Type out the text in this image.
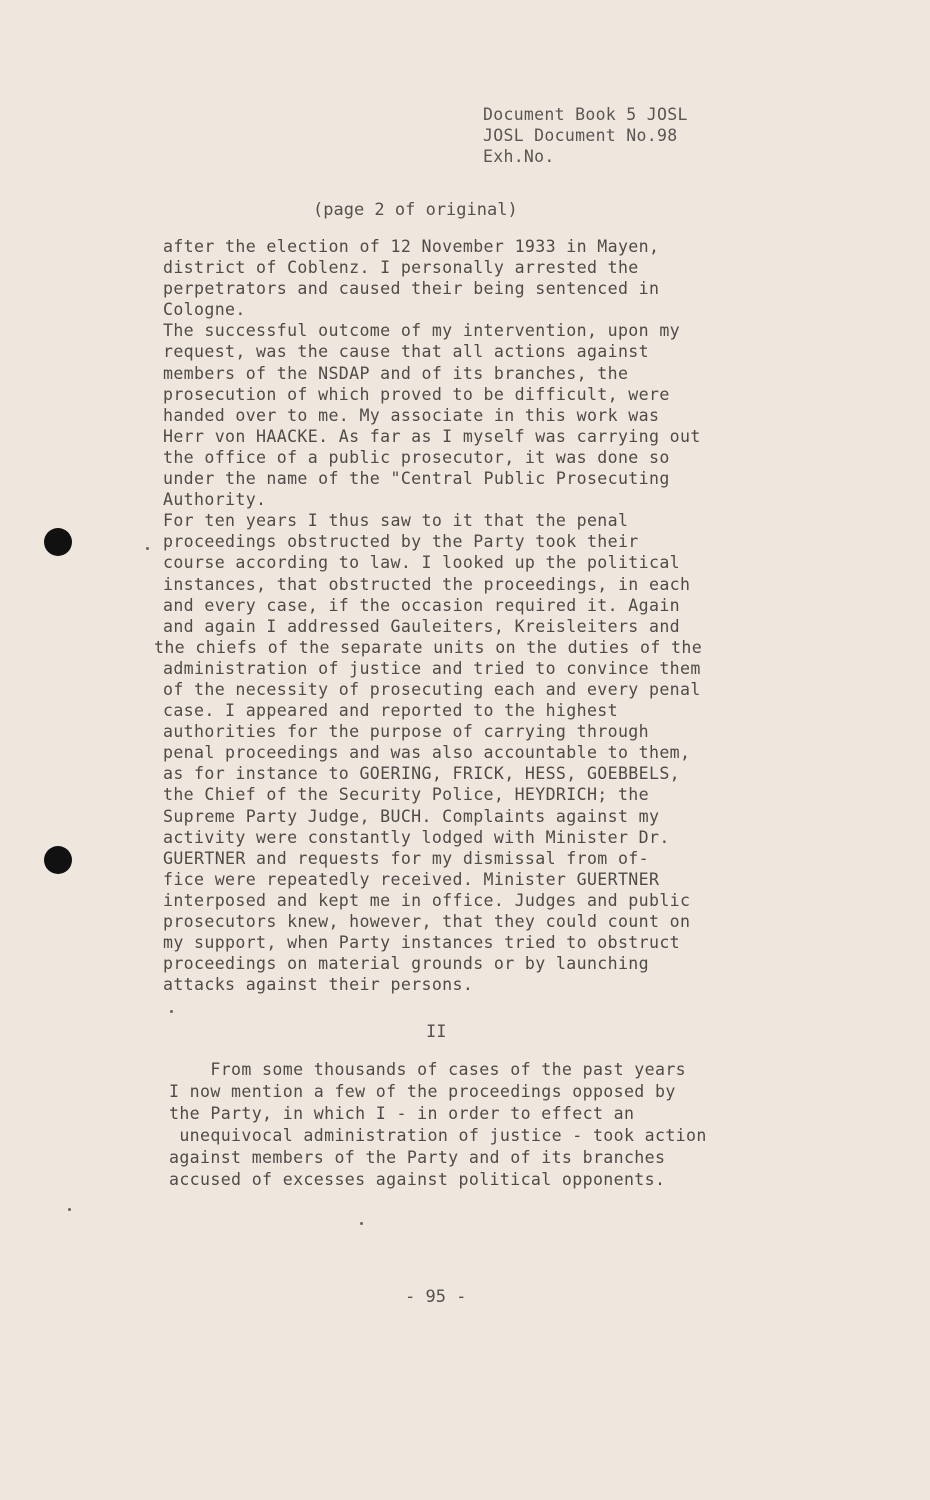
Document Book 5 JOSL
JOSL Document No.98
Exh.No.
(page 2 of original)
after the election of 12 November 1933 in Mayen,
district of Coblenz. I personally arrested the
perpetrators and caused their being sentenced in
Cologne.
The successful outcome of my intervention, upon my
request, was the cause that all actions against
members of the NSDAP and of its branches, the
prosecution of which proved to be difficult, were
handed over to me. My associate in this work was
Herr von HAACKE. As far as I myself was carrying out
the office of a public prosecutor, it was done so
under the name of the "Central Public Prosecuting
Authority.
For ten years I thus saw to it that the penal
proceedings obstructed by the Party took their
course according to law. I looked up the political
instances, that obstructed the proceedings, in each
and every case, if the occasion required it. Again
and again I addressed Gauleiters, Kreisleiters and
the chiefs of the separate units on the duties of the
administration of justice and tried to convince them
of the necessity of prosecuting each and every penal
case. I appeared and reported to the highest
authorities for the purpose of carrying through
penal proceedings and was also accountable to them,
as for instance to GOERING, FRICK, HESS, GOEBBELS,
the Chief of the Security Police, HEYDRICH; the
Supreme Party Judge, BUCH. Complaints against my
activity were constantly lodged with Minister Dr.
GUERTNER and requests for my dismissal from of-
fice were repeatedly received. Minister GUERTNER
interposed and kept me in office. Judges and public
prosecutors knew, however, that they could count on
my support, when Party instances tried to obstruct
proceedings on material grounds or by launching
attacks against their persons.
II
From some thousands of cases of the past years
I now mention a few of the proceedings opposed by
the Party, in which I - in order to effect an
unequivocal administration of justice - took action
against members of the Party and of its branches
accused of excesses against political opponents.
- 95 -
